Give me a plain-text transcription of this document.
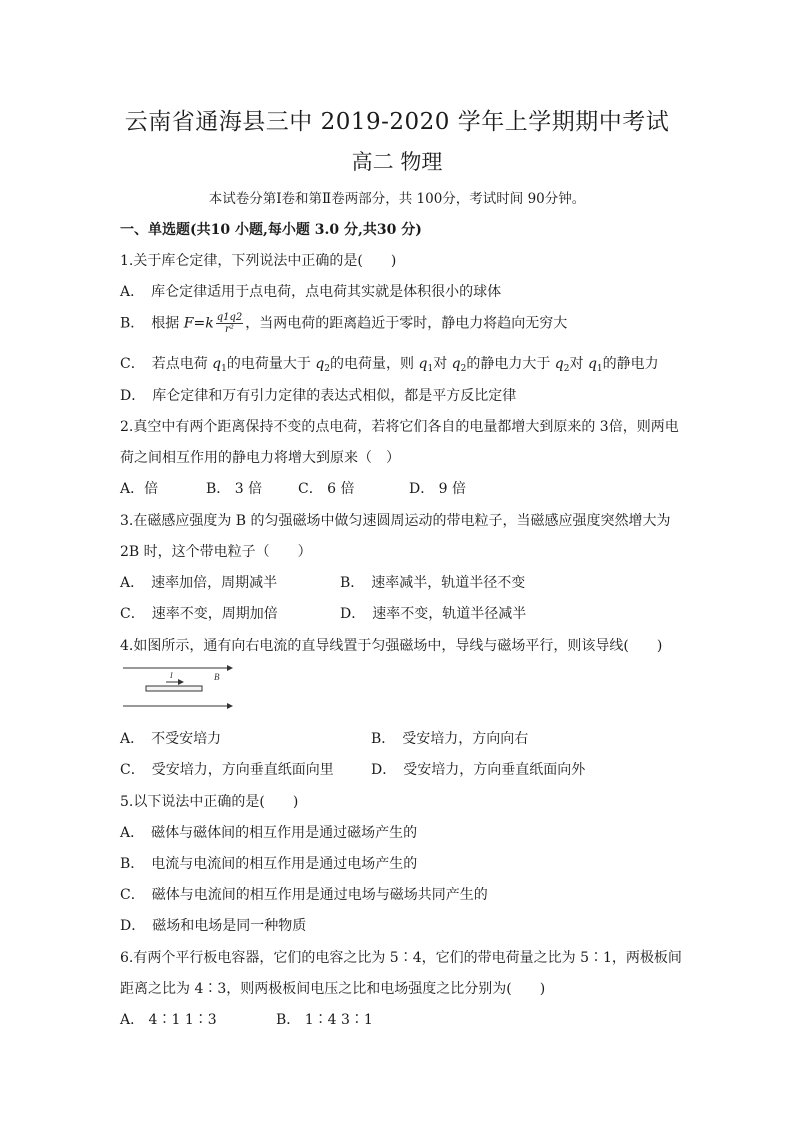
云南省通海县三中 2019-2020 学年上学期期中考试
高二 物理
本试卷分第Ⅰ卷和第Ⅱ卷两部分，共 100分，考试时间 90分钟。
一、单选题(共10 小题,每小题 3.0 分,共30 分)
1.关于库仑定律，下列说法中正确的是(　　)
A．　库仑定律适用于点电荷，点电荷其实就是体积很小的球体
B．　根据 $F=k \frac{q1q2}{\text{r²}}$ ，当两电荷的距离趋近于零时，静电力将趋向无穷大
C．　若点电荷 $q_1$的电荷量大于 $q_2$的电荷量，则 $q_1$对 $q_2$的静电力大于 $q_2$对 $q_1$的静电力
D．　库仑定律和万有引力定律的表达式相似，都是平方反比定律
2.真空中有两个距离保持不变的点电荷，若将它们各自的电量都增大到原来的 3倍，则两电
荷之间相互作用的静电力将增大到原来（　）
A．倍	B． 3 倍	C． 6 倍	D． 9 倍
3.在磁感应强度为 B 的匀强磁场中做匀速圆周运动的带电粒子，当磁感应强度突然增大为
2B 时，这个带电粒子（　　）
A．　速率加倍，周期减半	B．　速率减半，轨道半径不变
C．　速率不变，周期加倍	D．　速率不变，轨道半径减半
4.如图所示，通有向右电流的直导线置于匀强磁场中，导线与磁场平行，则该导线(　　)
I	B
A．　不受安培力	B．　受安培力，方向向右
C．　受安培力，方向垂直纸面向里	D．　受安培力，方向垂直纸面向外
5.以下说法中正确的是(　　)
A．　磁体与磁体间的相互作用是通过磁场产生的
B．　电流与电流间的相互作用是通过电场产生的
C．　磁体与电流间的相互作用是通过电场与磁场共同产生的
D．　磁场和电场是同一种物质
6.有两个平行板电容器，它们的电容之比为 5∶4，它们的带电荷量之比为 5∶1，两极板间
距离之比为 4∶3，则两极板间电压之比和电场强度之比分别为(　　)
A． 4∶1 1∶3	B． 1∶4 3∶1
